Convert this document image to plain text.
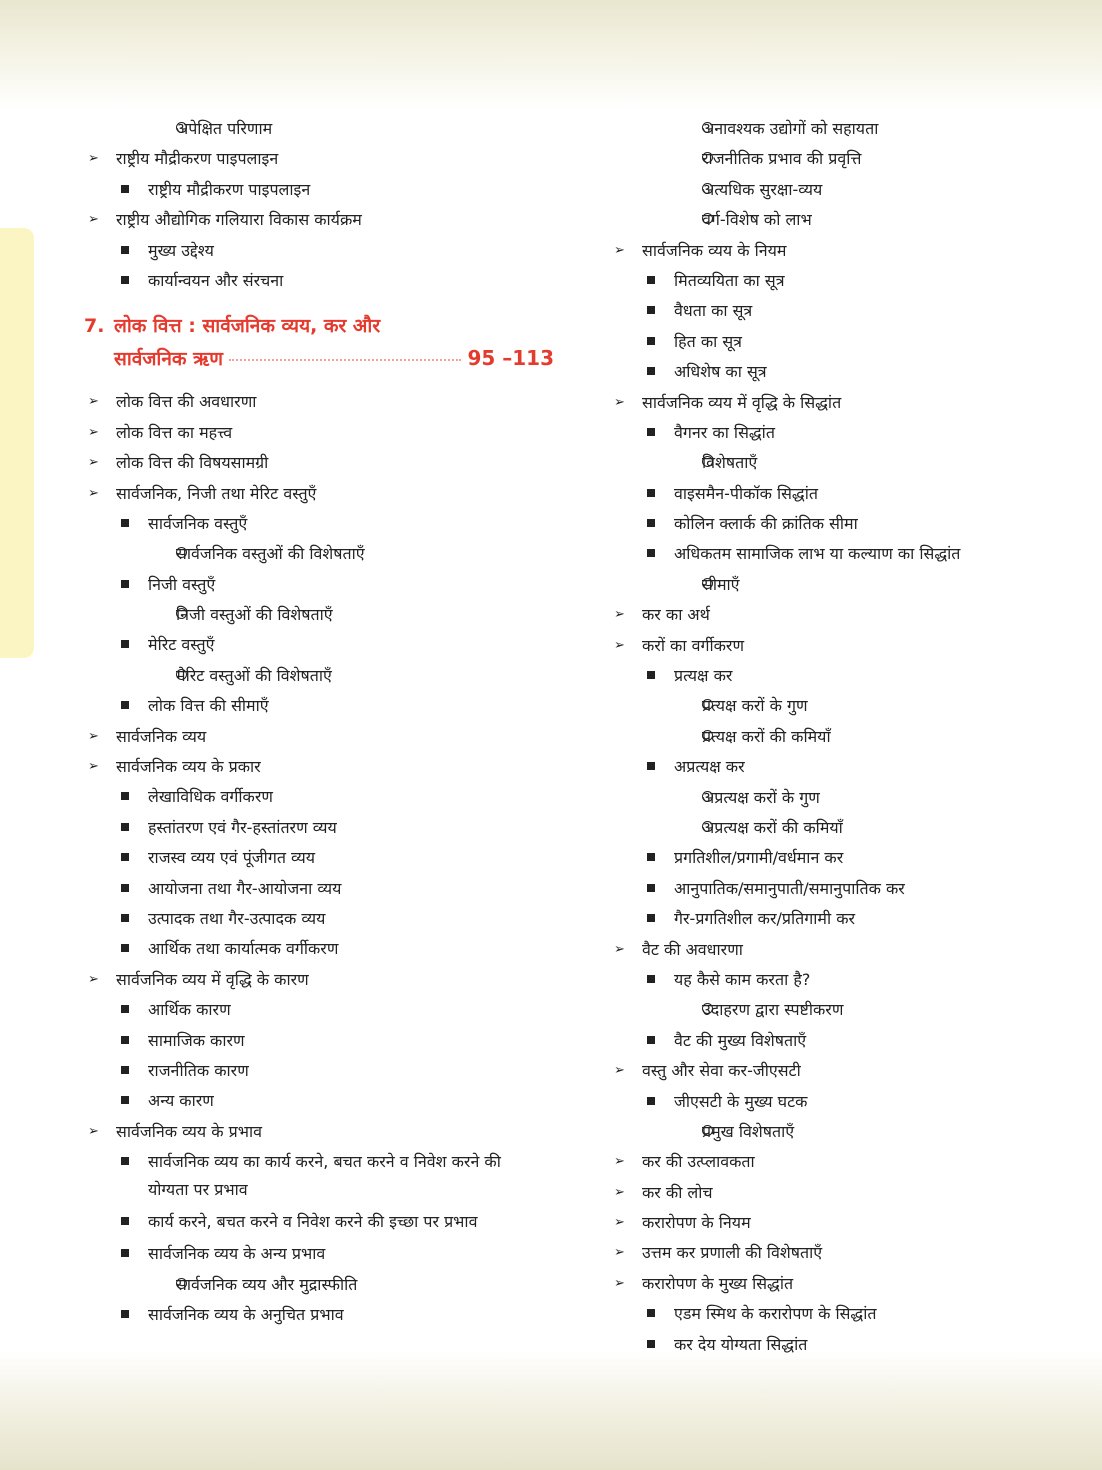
अपेक्षित परिणाम
➢ राष्ट्रीय मौद्रीकरण पाइपलाइन
राष्ट्रीय मौद्रीकरण पाइपलाइन
➢ राष्ट्रीय औद्योगिक गलियारा विकास कार्यक्रम
मुख्य उद्देश्य
कार्यान्वयन और संरचना
7. लोक वित्त : सार्वजनिक व्यय, कर और
सार्वजनिक ऋण	95 –113
➢ लोक वित्त की अवधारणा
➢ लोक वित्त का महत्त्व
➢ लोक वित्त की विषयसामग्री
➢ सार्वजनिक, निजी तथा मेरिट वस्तुएँ
सार्वजनिक वस्तुएँ
सार्वजनिक वस्तुओं की विशेषताएँ
निजी वस्तुएँ
निजी वस्तुओं की विशेषताएँ
मेरिट वस्तुएँ
मेरिट वस्तुओं की विशेषताएँ
लोक वित्त की सीमाएँ
➢ सार्वजनिक व्यय
➢ सार्वजनिक व्यय के प्रकार
लेखाविधिक वर्गीकरण
हस्तांतरण एवं गैर-हस्तांतरण व्यय
राजस्व व्यय एवं पूंजीगत व्यय
आयोजना तथा गैर-आयोजना व्यय
उत्पादक तथा गैर-उत्पादक व्यय
आर्थिक तथा कार्यात्मक वर्गीकरण
➢ सार्वजनिक व्यय में वृद्धि के कारण
आर्थिक कारण
सामाजिक कारण
राजनीतिक कारण
अन्य कारण
➢ सार्वजनिक व्यय के प्रभाव
सार्वजनिक व्यय का कार्य करने, बचत करने व निवेश करने की योग्यता पर प्रभाव
कार्य करने, बचत करने व निवेश करने की इच्छा पर प्रभाव
सार्वजनिक व्यय के अन्य प्रभाव
सार्वजनिक व्यय और मुद्रास्फीति
सार्वजनिक व्यय के अनुचित प्रभाव
अनावश्यक उद्योगों को सहायता
राजनीतिक प्रभाव की प्रवृत्ति
अत्यधिक सुरक्षा-व्यय
वर्ग-विशेष को लाभ
➢ सार्वजनिक व्यय के नियम
मितव्ययिता का सूत्र
वैधता का सूत्र
हित का सूत्र
अधिशेष का सूत्र
➢ सार्वजनिक व्यय में वृद्धि के सिद्धांत
वैगनर का सिद्धांत
विशेषताएँ
वाइसमैन-पीकॉक सिद्धांत
कोलिन क्लार्क की क्रांतिक सीमा
अधिकतम सामाजिक लाभ या कल्याण का सिद्धांत
सीमाएँ
➢ कर का अर्थ
➢ करों का वर्गीकरण
प्रत्यक्ष कर
प्रत्यक्ष करों के गुण
प्रत्यक्ष करों की कमियाँ
अप्रत्यक्ष कर
अप्रत्यक्ष करों के गुण
अप्रत्यक्ष करों की कमियाँ
प्रगतिशील/प्रगामी/वर्धमान कर
आनुपातिक/समानुपाती/समानुपातिक कर
गैर-प्रगतिशील कर/प्रतिगामी कर
➢ वैट की अवधारणा
यह कैसे काम करता है?
उदाहरण द्वारा स्पष्टीकरण
वैट की मुख्य विशेषताएँ
➢ वस्तु और सेवा कर-जीएसटी
जीएसटी के मुख्य घटक
प्रमुख विशेषताएँ
➢ कर की उत्प्लावकता
➢ कर की लोच
➢ करारोपण के नियम
➢ उत्तम कर प्रणाली की विशेषताएँ
➢ करारोपण के मुख्य सिद्धांत
एडम स्मिथ के करारोपण के सिद्धांत
कर देय योग्यता सिद्धांत
